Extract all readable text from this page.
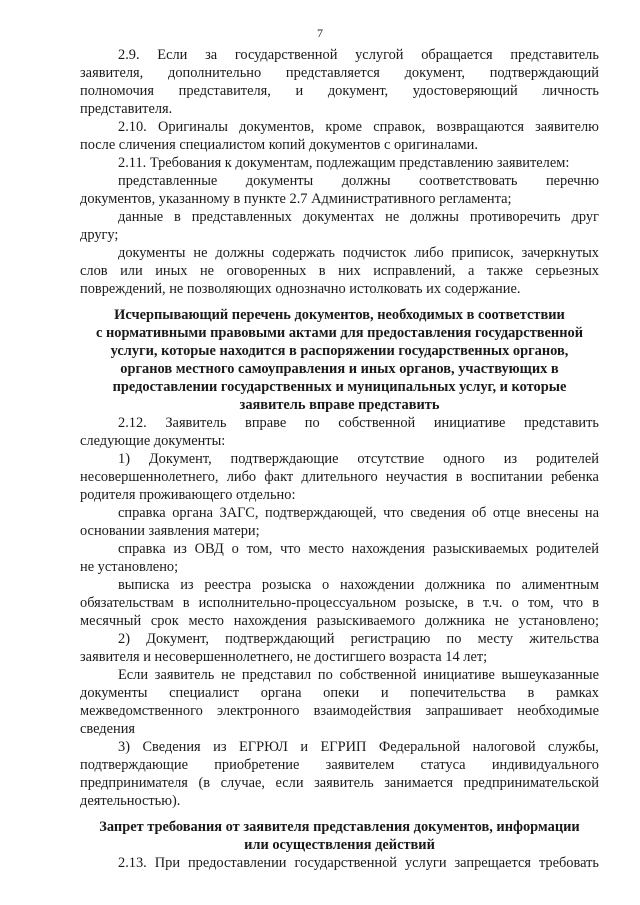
7
2.9. Если за государственной услугой обращается представитель
заявителя, дополнительно представляется документ, подтверждающий
полномочия представителя, и документ, удостоверяющий личность
представителя.
2.10. Оригиналы документов, кроме справок, возвращаются заявителю
после сличения специалистом копий документов с оригиналами.
2.11. Требования к документам, подлежащим представлению заявителем:
представленные документы должны соответствовать перечню
документов, указанному в пункте 2.7 Административного регламента;
данные в представленных документах не должны противоречить друг
другу;
документы не должны содержать подчисток либо приписок, зачеркнутых
слов или иных не оговоренных в них исправлений, а также серьезных
повреждений, не позволяющих однозначно истолковать их содержание.
Исчерпывающий перечень документов, необходимых в соответствии
с нормативными правовыми актами для предоставления государственной
услуги, которые находится в распоряжении государственных органов,
органов местного самоуправления и иных органов, участвующих в
предоставлении государственных и муниципальных услуг, и которые
заявитель вправе представить
2.12. Заявитель вправе по собственной инициативе представить
следующие документы:
1) Документ, подтверждающие отсутствие одного из родителей
несовершеннолетнего, либо факт длительного неучастия в воспитании ребенка
родителя проживающего отдельно:
справка органа ЗАГС, подтверждающей, что сведения об отце внесены на
основании заявления матери;
справка из ОВД о том, что место нахождения разыскиваемых родителей
не установлено;
выписка из реестра розыска о нахождении должника по алиментным
обязательствам в исполнительно-процессуальном розыске, в т.ч. о том, что в
месячный срок место нахождения разыскиваемого должника не установлено;
2) Документ, подтверждающий регистрацию по месту жительства
заявителя и несовершеннолетнего, не достигшего возраста 14 лет;
Если заявитель не представил по собственной инициативе вышеуказанные
документы специалист органа опеки и попечительства в рамках
межведомственного электронного взаимодействия запрашивает необходимые
сведения
3) Сведения из ЕГРЮЛ и ЕГРИП Федеральной налоговой службы,
подтверждающие приобретение заявителем статуса индивидуального
предпринимателя (в случае, если заявитель занимается предпринимательской
деятельностью).
Запрет требования от заявителя представления документов, информации
или осуществления действий
2.13. При предоставлении государственной услуги запрещается требовать
